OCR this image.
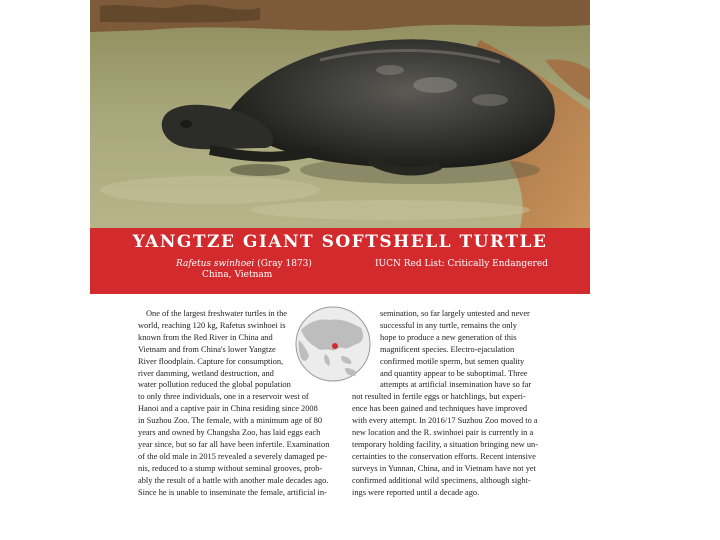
YANGTZE GIANT SOFTSHELL TURTLE
Rafetus swinhoei (Gray 1873)
China, Vietnam
IUCN Red List: Critically Endangered
One of the largest freshwater turtles in the
world, reaching 120 kg, Rafetus swinhoei is
known from the Red River in China and
Vietnam and from China's lower Yangtze
River floodplain. Capture for consumption,
river damming, wetland destruction, and
water pollution reduced the global population
to only three individuals, one in a reservoir west of
Hanoi and a captive pair in China residing since 2008
in Suzhou Zoo. The female, with a minimum age of 80
years and owned by Changsha Zoo, has laid eggs each
year since, but so far all have been infertile. Examination
of the old male in 2015 revealed a severely damaged pe-
nis, reduced to a stump without seminal grooves, prob-
ably the result of a battle with another male decades ago.
Since he is unable to inseminate the female, artificial in-
semination, so far largely untested and never
successful in any turtle, remains the only
hope to produce a new generation of this
magnificent species. Electro-ejaculation
confirmed motile sperm, but semen quality
and quantity appear to be suboptimal. Three
attempts at artificial insemination have so far
not resulted in fertile eggs or hatchlings, but experi-
ence has been gained and techniques have improved
with every attempt. In 2016/17 Suzhou Zoo moved to a
new location and the R. swinhoei pair is currently in a
temporary holding facility, a situation bringing new un-
certainties to the conservation efforts. Recent intensive
surveys in Yunnan, China, and in Vietnam have not yet
confirmed additional wild specimens, although sight-
ings were reported until a decade ago.
